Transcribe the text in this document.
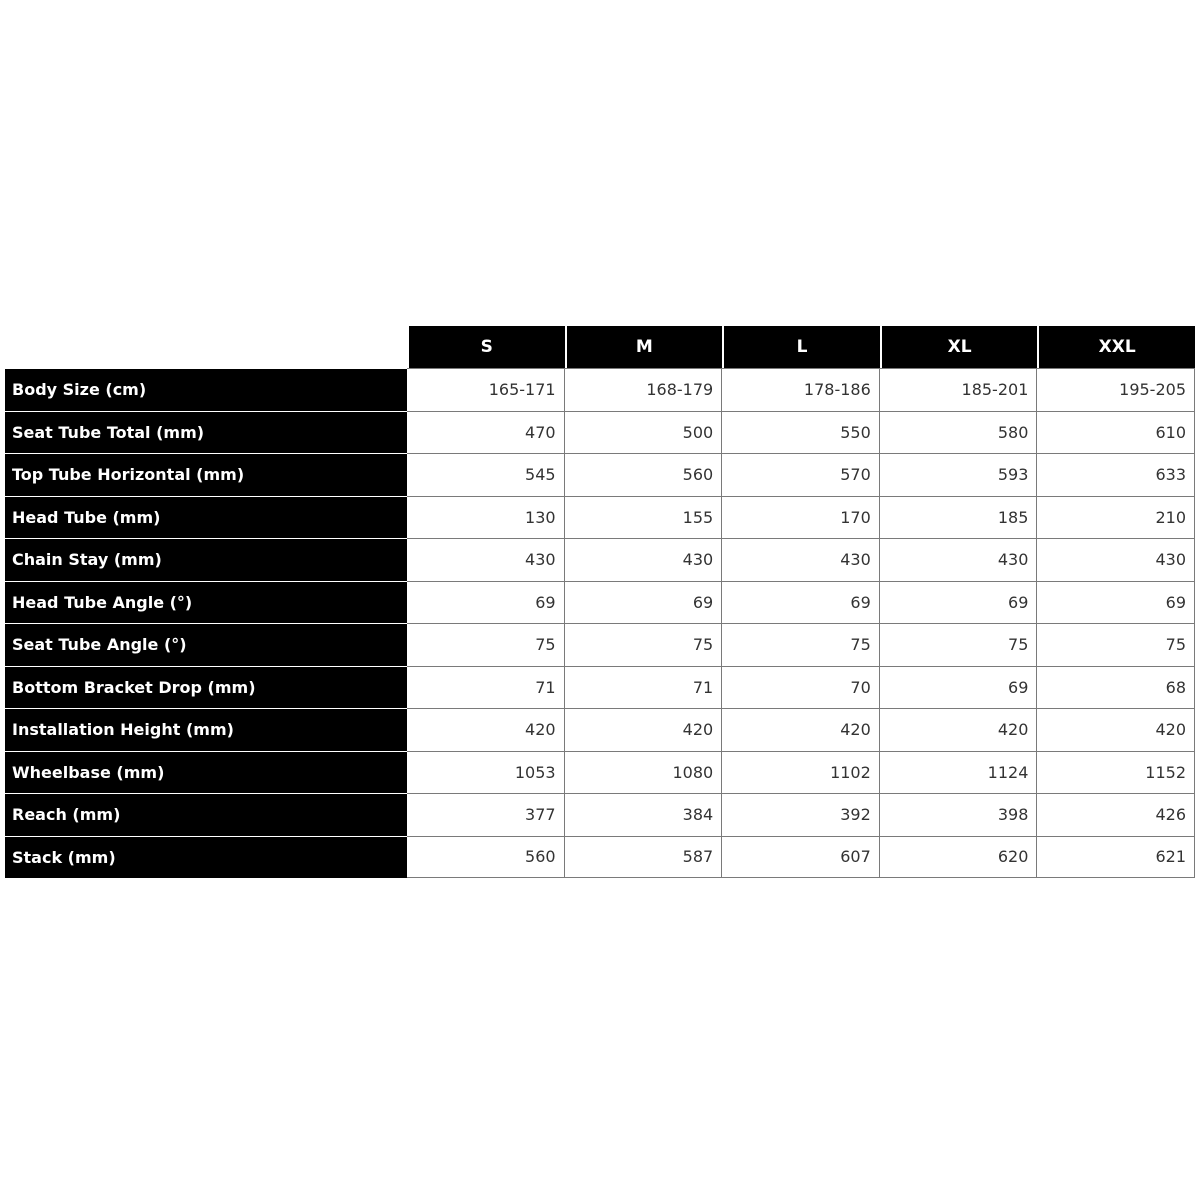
	S	M	L	XL	XXL
Body Size (cm)	165-171	168-179	178-186	185-201	195-205
Seat Tube Total (mm)	470	500	550	580	610
Top Tube Horizontal (mm)	545	560	570	593	633
Head Tube (mm)	130	155	170	185	210
Chain Stay (mm)	430	430	430	430	430
Head Tube Angle (°)	69	69	69	69	69
Seat Tube Angle (°)	75	75	75	75	75
Bottom Bracket Drop (mm)	71	71	70	69	68
Installation Height (mm)	420	420	420	420	420
Wheelbase (mm)	1053	1080	1102	1124	1152
Reach (mm)	377	384	392	398	426
Stack (mm)	560	587	607	620	621
